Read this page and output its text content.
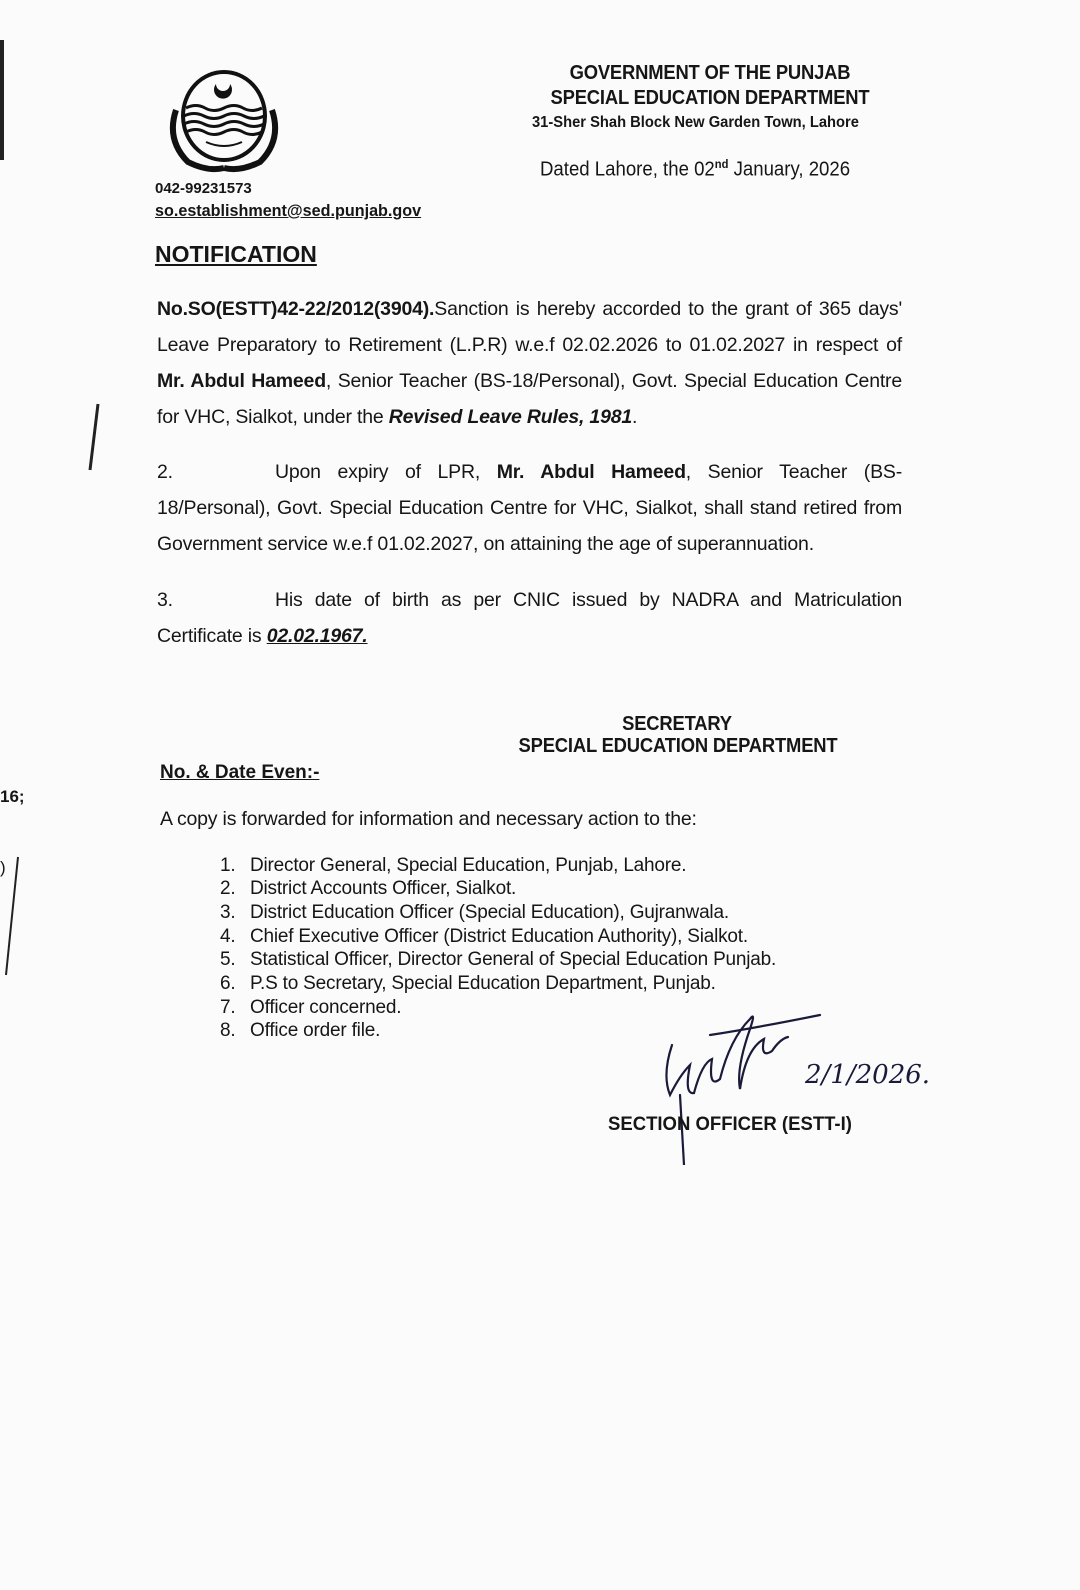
GOVERNMENT OF THE PUNJAB
SPECIAL EDUCATION DEPARTMENT
31-Sher Shah Block New Garden Town, Lahore
Dated Lahore, the 02nd January, 2026
042-99231573
so.establishment@sed.punjab.gov
NOTIFICATION
No.SO(ESTT)42-22/2012(3904).Sanction is hereby accorded to the grant of 365 days' Leave Preparatory to Retirement (L.P.R) w.e.f 02.02.2026 to 01.02.2027 in respect of Mr. Abdul Hameed, Senior Teacher (BS-18/Personal), Govt. Special Education Centre for VHC, Sialkot, under the Revised Leave Rules, 1981.
2.	Upon expiry of LPR, Mr. Abdul Hameed, Senior Teacher (BS-18/Personal), Govt. Special Education Centre for VHC, Sialkot, shall stand retired from Government service w.e.f 01.02.2027, on attaining the age of superannuation.
3.	His date of birth as per CNIC issued by NADRA and Matriculation Certificate is 02.02.1967.
SECRETARY
SPECIAL EDUCATION DEPARTMENT
No. & Date Even:-
A copy is forwarded for information and necessary action to the:
1. Director General, Special Education, Punjab, Lahore.
2. District Accounts Officer, Sialkot.
3. District Education Officer (Special Education), Gujranwala.
4. Chief Executive Officer (District Education Authority), Sialkot.
5. Statistical Officer, Director General of Special Education Punjab.
6. P.S to Secretary, Special Education Department, Punjab.
7. Officer concerned.
8. Office order file.
2/1/2026.
SECTION OFFICER (ESTT-I)
16;
)
